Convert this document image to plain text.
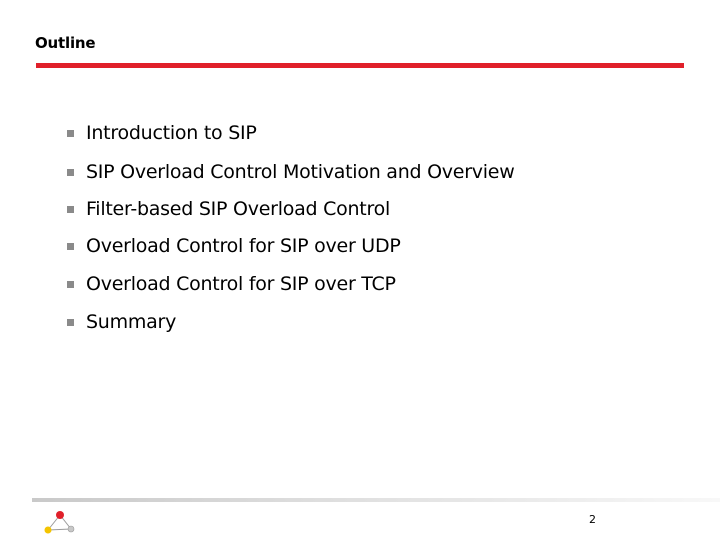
Outline
Introduction to SIP
SIP Overload Control Motivation and Overview
Filter-based SIP Overload Control
Overload Control for SIP over UDP
Overload Control for SIP over TCP
Summary
2
